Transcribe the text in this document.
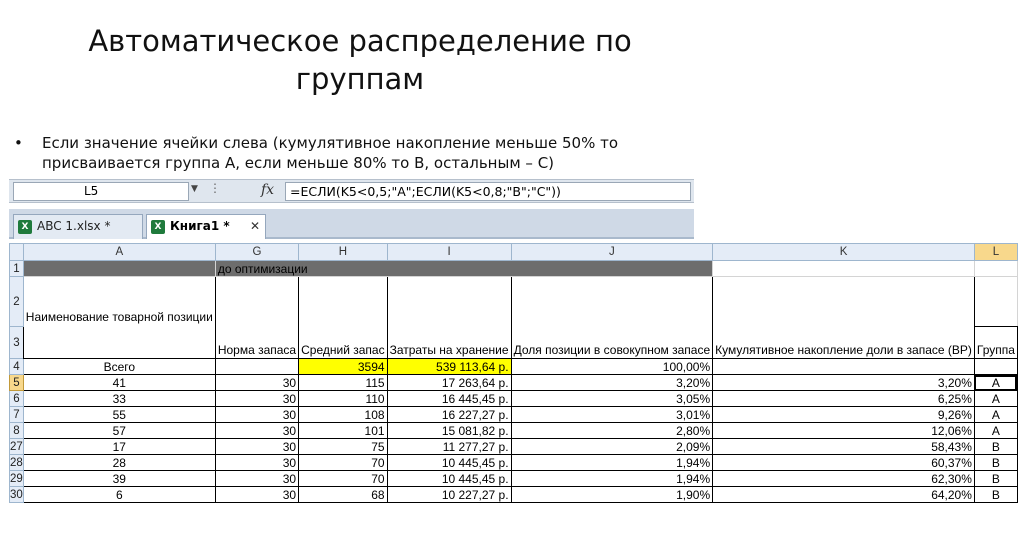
Автоматическое распределение по
группам
•	Если значение ячейки слева (кумулятивное накопление меньше 50% то присваивается группа А, если меньше 80% то В, остальным – С)
L5	▼ ⋮	fx	=ЕСЛИ(K5<0,5;"A";ЕСЛИ(K5<0,8;"B";"C"))
X ABC 1.xlsx *	X Книга1 * ✕
	A	G	H	I	J	K	L
1		до оптимизации					
2	Наименование товарной позиции	Норма запаса	Средний запас	Затраты на хранение	Доля позиции в совокупном запасе	Кумулятивное накопление доли в запасе (ВР)	
3							Группа
4	Всего		3594	539 113,64 р.	100,00%		
5	41	30	115	17 263,64 р.	3,20%	3,20%	A
6	33	30	110	16 445,45 р.	3,05%	6,25%	A
7	55	30	108	16 227,27 р.	3,01%	9,26%	A
8	57	30	101	15 081,82 р.	2,80%	12,06%	A
27	17	30	75	11 277,27 р.	2,09%	58,43%	B
28	28	30	70	10 445,45 р.	1,94%	60,37%	B
29	39	30	70	10 445,45 р.	1,94%	62,30%	B
30	6	30	68	10 227,27 р.	1,90%	64,20%	B
